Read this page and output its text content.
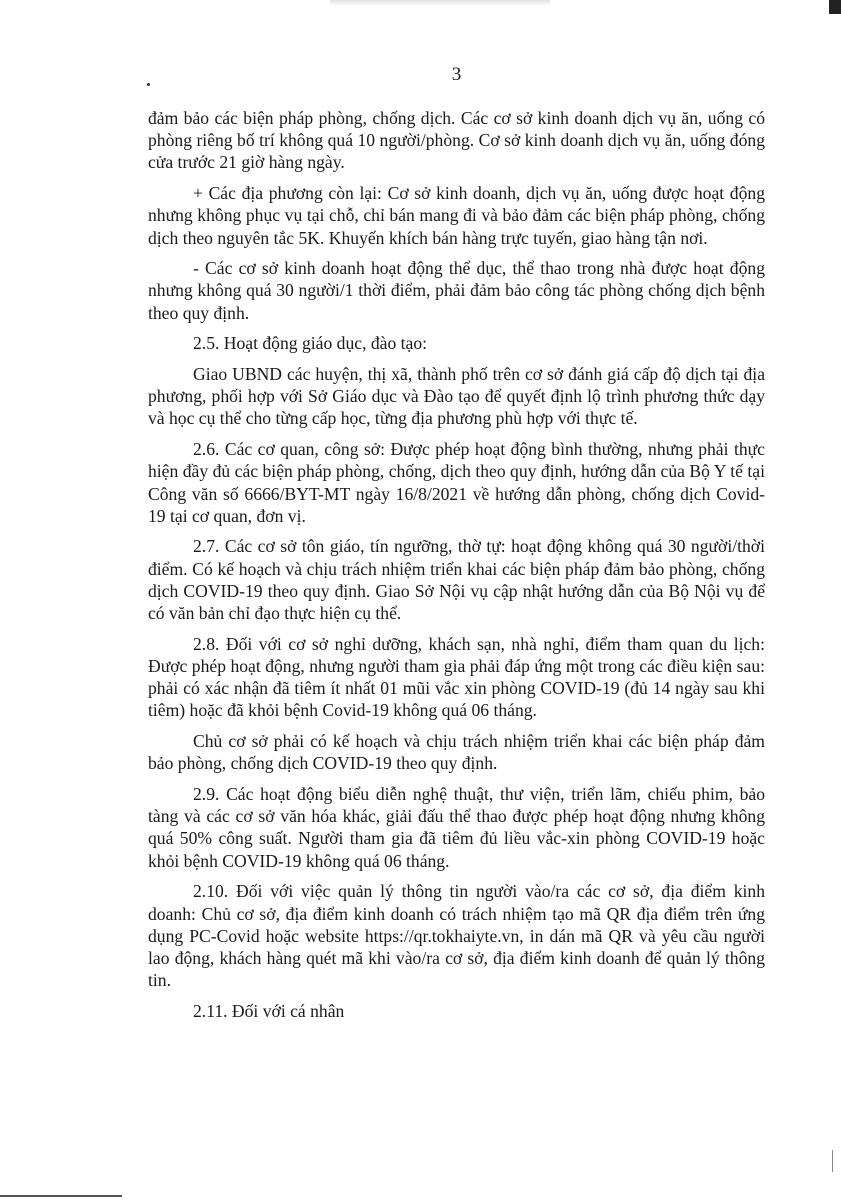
3

đảm bảo các biện pháp phòng, chống dịch. Các cơ sở kinh doanh dịch vụ ăn, uống có phòng riêng bố trí không quá 10 người/phòng. Cơ sở kinh doanh dịch vụ ăn, uống đóng cửa trước 21 giờ hàng ngày.

+ Các địa phương còn lại: Cơ sở kinh doanh, dịch vụ ăn, uống được hoạt động nhưng không phục vụ tại chỗ, chỉ bán mang đi và bảo đảm các biện pháp phòng, chống dịch theo nguyên tắc 5K. Khuyến khích bán hàng trực tuyến, giao hàng tận nơi.

- Các cơ sở kinh doanh hoạt động thể dục, thể thao trong nhà được hoạt động nhưng không quá 30 người/1 thời điểm, phải đảm bảo công tác phòng chống dịch bệnh theo quy định.

2.5. Hoạt động giáo dục, đào tạo:

Giao UBND các huyện, thị xã, thành phố trên cơ sở đánh giá cấp độ dịch tại địa phương, phối hợp với Sở Giáo dục và Đào tạo để quyết định lộ trình phương thức dạy và học cụ thể cho từng cấp học, từng địa phương phù hợp với thực tế.

2.6. Các cơ quan, công sở: Được phép hoạt động bình thường, nhưng phải thực hiện đầy đủ các biện pháp phòng, chống, dịch theo quy định, hướng dẫn của Bộ Y tế tại Công văn số 6666/BYT-MT ngày 16/8/2021 về hướng dẫn phòng, chống dịch Covid-19 tại cơ quan, đơn vị.

2.7. Các cơ sở tôn giáo, tín ngưỡng, thờ tự: hoạt động không quá 30 người/thời điểm. Có kế hoạch và chịu trách nhiệm triển khai các biện pháp đảm bảo phòng, chống dịch COVID-19 theo quy định. Giao Sở Nội vụ cập nhật hướng dẫn của Bộ Nội vụ để có văn bản chỉ đạo thực hiện cụ thể.

2.8. Đối với cơ sở nghỉ dưỡng, khách sạn, nhà nghỉ, điểm tham quan du lịch: Được phép hoạt động, nhưng người tham gia phải đáp ứng một trong các điều kiện sau: phải có xác nhận đã tiêm ít nhất 01 mũi vắc xin phòng COVID-19 (đủ 14 ngày sau khi tiêm) hoặc đã khỏi bệnh Covid-19 không quá 06 tháng.

Chủ cơ sở phải có kế hoạch và chịu trách nhiệm triển khai các biện pháp đảm bảo phòng, chống dịch COVID-19 theo quy định.

2.9. Các hoạt động biểu diễn nghệ thuật, thư viện, triển lãm, chiếu phim, bảo tàng và các cơ sở văn hóa khác, giải đấu thể thao được phép hoạt động nhưng không quá 50% công suất. Người tham gia đã tiêm đủ liều vắc-xin phòng COVID-19 hoặc khỏi bệnh COVID-19 không quá 06 tháng.

2.10. Đối với việc quản lý thông tin người vào/ra các cơ sở, địa điểm kinh doanh: Chủ cơ sở, địa điểm kinh doanh có trách nhiệm tạo mã QR địa điểm trên ứng dụng PC-Covid hoặc website https://qr.tokhaiyte.vn, in dán mã QR và yêu cầu người lao động, khách hàng quét mã khi vào/ra cơ sở, địa điểm kinh doanh để quản lý thông tin.

2.11. Đối với cá nhân
